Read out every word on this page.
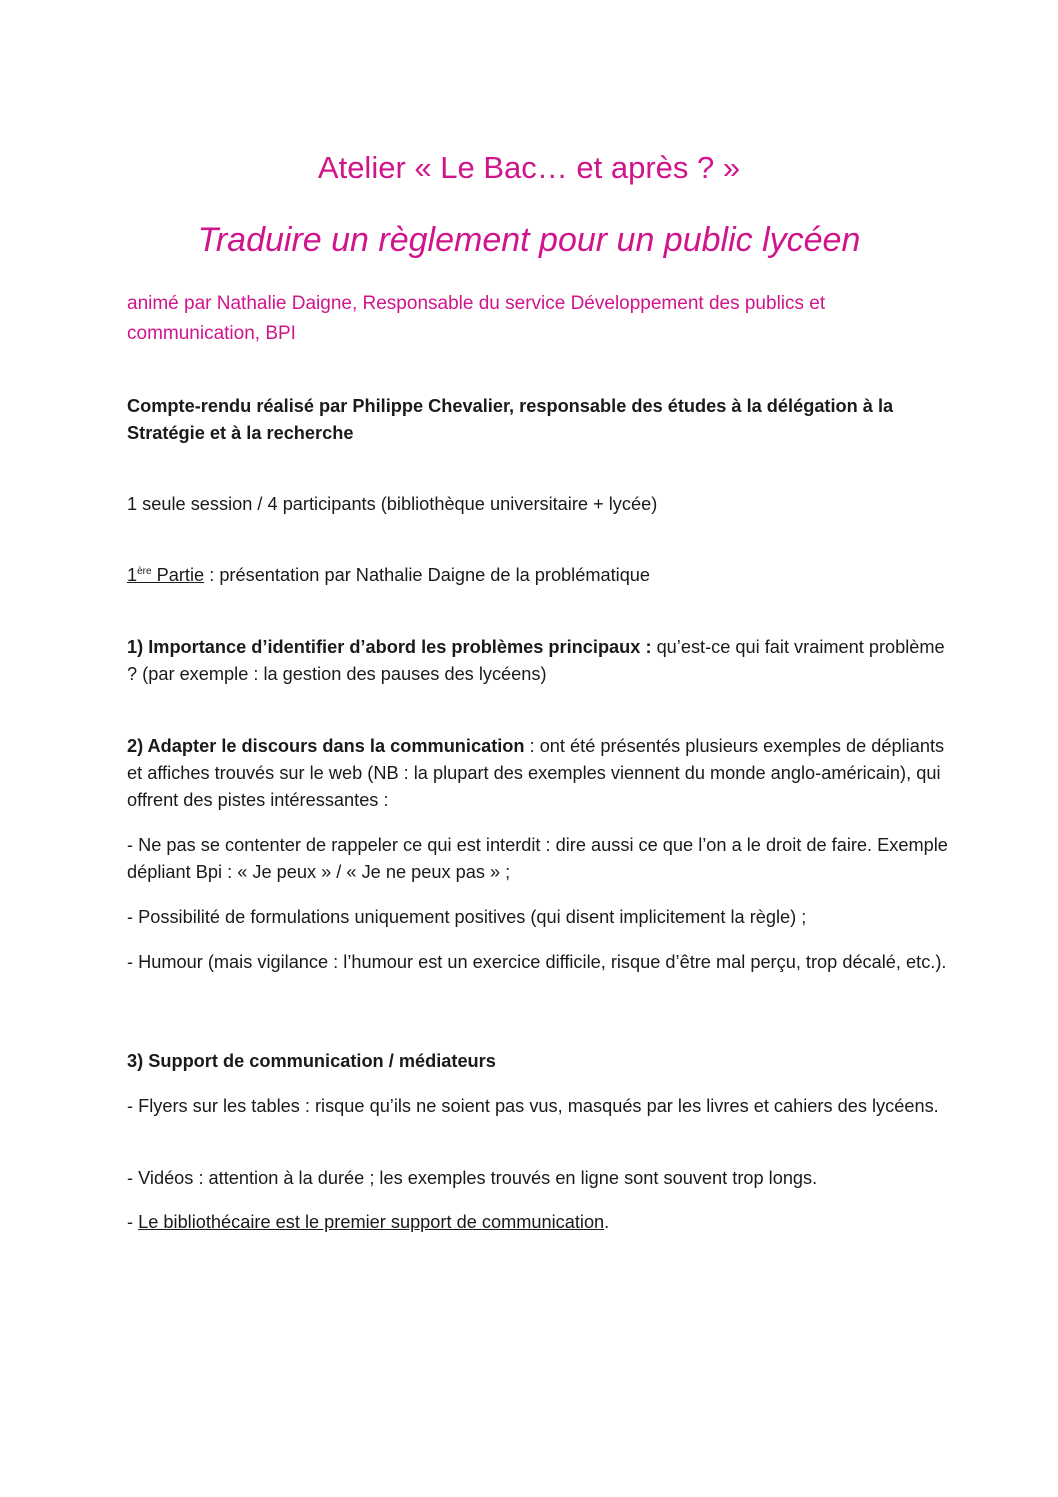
Atelier « Le Bac… et après ? »
Traduire un règlement pour un public lycéen

animé par Nathalie Daigne, Responsable du service Développement des publics et communication, BPI

Compte-rendu réalisé par Philippe Chevalier, responsable des études à la délégation à la Stratégie et à la recherche

1 seule session / 4 participants (bibliothèque universitaire + lycée)

1ère Partie : présentation par Nathalie Daigne de la problématique

1) Importance d’identifier d’abord les problèmes principaux : qu’est-ce qui fait vraiment problème ? (par exemple : la gestion des pauses des lycéens)

2) Adapter le discours dans la communication : ont été présentés plusieurs exemples de dépliants et affiches trouvés sur le web (NB : la plupart des exemples viennent du monde anglo-américain), qui offrent des pistes intéressantes :

- Ne pas se contenter de rappeler ce qui est interdit : dire aussi ce que l’on a le droit de faire. Exemple dépliant Bpi : « Je peux » / « Je ne peux pas » ;

- Possibilité de formulations uniquement positives (qui disent implicitement la règle) ;

- Humour (mais vigilance : l’humour est un exercice difficile, risque d’être mal perçu, trop décalé, etc.).

3) Support de communication / médiateurs

- Flyers sur les tables : risque qu’ils ne soient pas vus, masqués par les livres et cahiers des lycéens.

- Vidéos : attention à la durée ; les exemples trouvés en ligne sont souvent trop longs.

- Le bibliothécaire est le premier support de communication.
